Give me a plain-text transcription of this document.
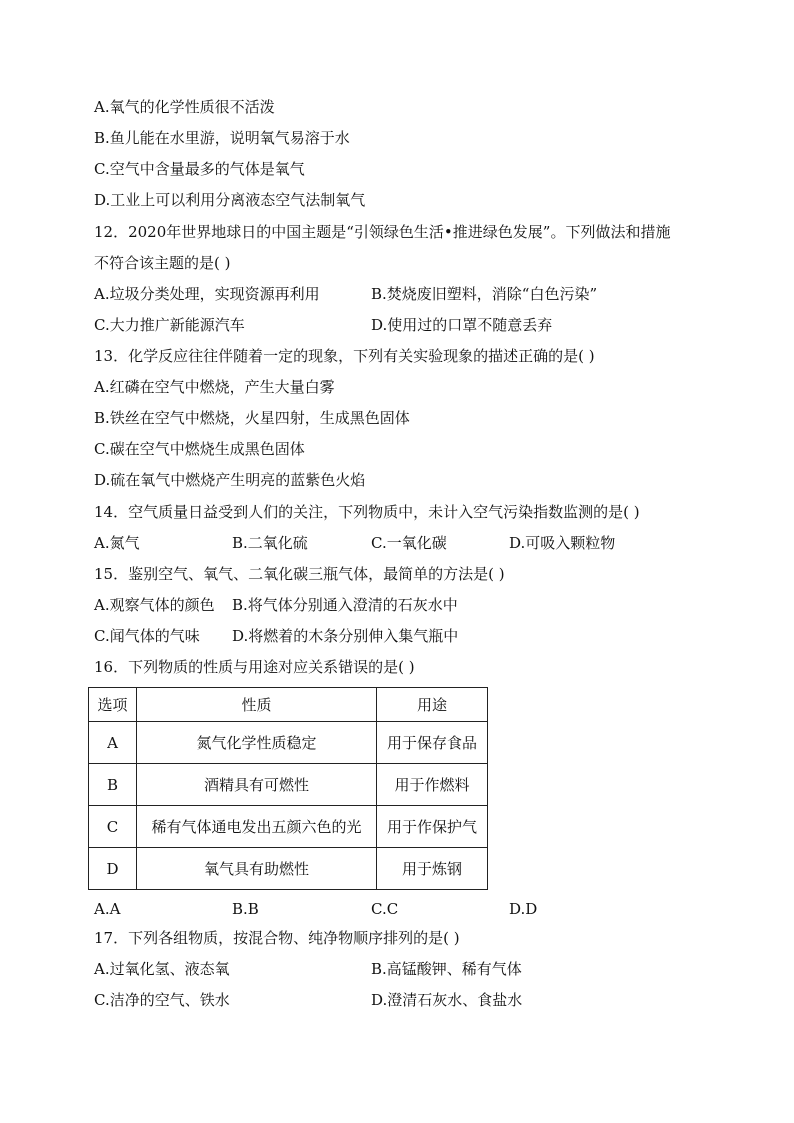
A.氧气的化学性质很不活泼
B.鱼儿能在水里游，说明氧气易溶于水
C.空气中含量最多的气体是氧气
D.工业上可以利用分离液态空气法制氧气
12．2020年世界地球日的中国主题是“引领绿色生活•推进绿色发展”。下列做法和措施
不符合该主题的是( )
A.垃圾分类处理，实现资源再利用	B.焚烧废旧塑料，消除“白色污染”
C.大力推广新能源汽车	D.使用过的口罩不随意丢弃
13．化学反应往往伴随着一定的现象，下列有关实验现象的描述正确的是( )
A.红磷在空气中燃烧，产生大量白雾
B.铁丝在空气中燃烧，火星四射，生成黑色固体
C.碳在空气中燃烧生成黑色固体
D.硫在氧气中燃烧产生明亮的蓝紫色火焰
14．空气质量日益受到人们的关注，下列物质中，未计入空气污染指数监测的是( )
A.氮气	B.二氧化硫	C.一氧化碳	D.可吸入颗粒物
15．鉴别空气、氧气、二氧化碳三瓶气体，最简单的方法是( )
A.观察气体的颜色 B.将气体分别通入澄清的石灰水中
C.闻气体的气味 D.将燃着的木条分别伸入集气瓶中
16．下列物质的性质与用途对应关系错误的是( )
选项	性质	用途
A	氮气化学性质稳定	用于保存食品
B	酒精具有可燃性	用于作燃料
C	稀有气体通电发出五颜六色的光	用于作保护气
D	氧气具有助燃性	用于炼钢
A.A	B.B	C.C	D.D
17．下列各组物质，按混合物、纯净物顺序排列的是( )
A.过氧化氢、液态氧	B.高锰酸钾、稀有气体
C.洁净的空气、铁水	D.澄清石灰水、食盐水
